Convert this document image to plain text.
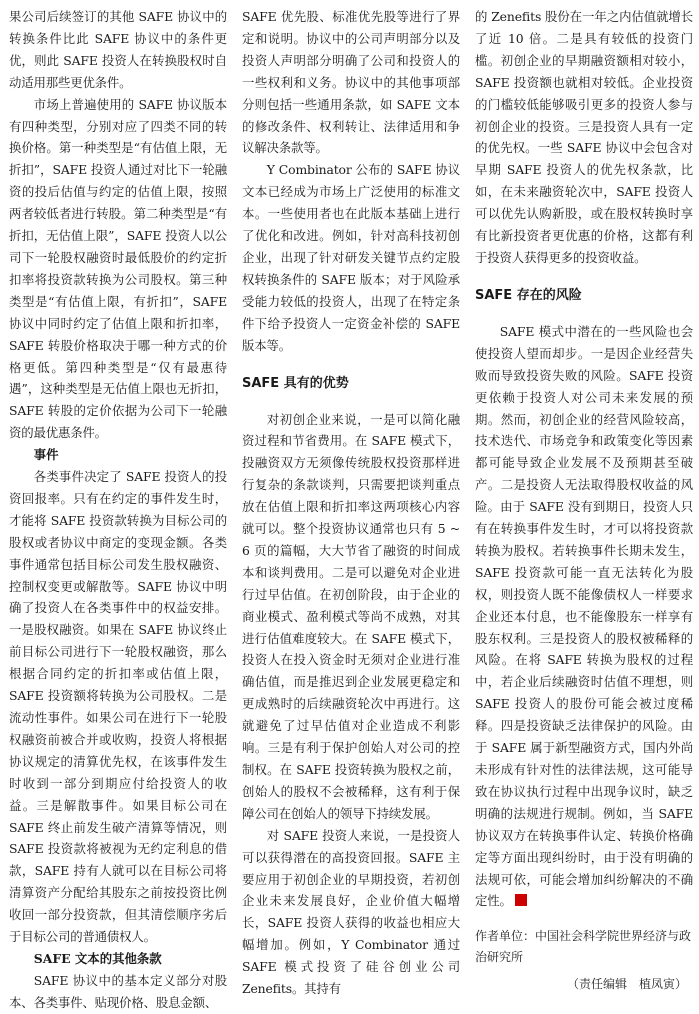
果公司后续签订的其他 SAFE 协议中的转换条件比此 SAFE 协议中的条件更优，则此 SAFE 投资人在转换股权时自动适用那些更优条件。

市场上普遍使用的 SAFE 协议版本有四种类型，分别对应了四类不同的转换价格。第一种类型是“有估值上限，无折扣”，SAFE 投资人通过对比下一轮融资的投后估值与约定的估值上限，按照两者较低者进行转股。第二种类型是“有折扣，无估值上限”，SAFE 投资人以公司下一轮股权融资时最低股价的约定折扣率将投资款转换为公司股权。第三种类型是“有估值上限，有折扣”，SAFE 协议中同时约定了估值上限和折扣率，SAFE 转股价格取决于哪一种方式的价格更低。第四种类型是“仅有最惠待遇”，这种类型是无估值上限也无折扣，SAFE 转股的定价依据为公司下一轮融资的最优惠条件。

事件

各类事件决定了 SAFE 投资人的投资回报率。只有在约定的事件发生时，才能将 SAFE 投资款转换为目标公司的股权或者协议中商定的变现金额。各类事件通常包括目标公司发生股权融资、控制权变更或解散等。SAFE 协议中明确了投资人在各类事件中的权益安排。一是股权融资。如果在 SAFE 协议终止前目标公司进行下一轮股权融资，那么根据合同约定的折扣率或估值上限，SAFE 投资额将转换为公司股权。二是流动性事件。如果公司在进行下一轮股权融资前被合并或收购，投资人将根据协议规定的清算优先权，在该事件发生时收到一部分到期应付给投资人的收益。三是解散事件。如果目标公司在 SAFE 终止前发生破产清算等情况，则 SAFE 投资款将被视为无约定利息的借款，SAFE 持有人就可以在目标公司将清算资产分配给其股东之前按投资比例收回一部分投资款，但其清偿顺序劣后于目标公司的普通债权人。

SAFE 文本的其他条款

SAFE 协议中的基本定义部分对股本、各类事件、贴现价格、股息金额、

SAFE 优先股、标准优先股等进行了界定和说明。协议中的公司声明部分以及投资人声明部分明确了公司和投资人的一些权利和义务。协议中的其他事项部分则包括一些通用条款，如 SAFE 文本的修改条件、权利转让、法律适用和争议解决条款等。

Y Combinator 公布的 SAFE 协议文本已经成为市场上广泛使用的标准文本。一些使用者也在此版本基础上进行了优化和改进。例如，针对高科技初创企业，出现了针对研发关键节点约定股权转换条件的 SAFE 版本；对于风险承受能力较低的投资人，出现了在特定条件下给予投资人一定资金补偿的 SAFE 版本等。

SAFE 具有的优势

对初创企业来说，一是可以简化融资过程和节省费用。在 SAFE 模式下，投融资双方无须像传统股权投资那样进行复杂的条款谈判，只需要把谈判重点放在估值上限和折扣率这两项核心内容就可以。整个投资协议通常也只有 5 ~ 6 页的篇幅，大大节省了融资的时间成本和谈判费用。二是可以避免对企业进行过早估值。在初创阶段，由于企业的商业模式、盈利模式等尚不成熟，对其进行估值难度较大。在 SAFE 模式下，投资人在投入资金时无须对企业进行准确估值，而是推迟到企业发展更稳定和更成熟时的后续融资轮次中再进行。这就避免了过早估值对企业造成不利影响。三是有利于保护创始人对公司的控制权。在 SAFE 投资转换为股权之前，创始人的股权不会被稀释，这有利于保障公司在创始人的领导下持续发展。

对 SAFE 投资人来说，一是投资人可以获得潜在的高投资回报。SAFE 主要应用于初创企业的早期投资，若初创企业未来发展良好，企业价值大幅增长，SAFE 投资人获得的收益也相应大幅增加。例如，Y Combinator 通过 SAFE 模式投资了硅谷创业公司 Zenefits。其持有

的 Zenefits 股份在一年之内估值就增长了近 10 倍。二是具有较低的投资门槛。初创企业的早期融资额相对较小，SAFE 投资额也就相对较低。企业投资的门槛较低能够吸引更多的投资人参与初创企业的投资。三是投资人具有一定的优先权。一些 SAFE 协议中会包含对早期 SAFE 投资人的优先权条款，比如，在未来融资轮次中，SAFE 投资人可以优先认购新股，或在股权转换时享有比新投资者更优惠的价格，这都有利于投资人获得更多的投资收益。

SAFE 存在的风险

SAFE 模式中潜在的一些风险也会使投资人望而却步。一是因企业经营失败而导致投资失败的风险。SAFE 投资更依赖于投资人对公司未来发展的预期。然而，初创企业的经营风险较高，技术迭代、市场竞争和政策变化等因素都可能导致企业发展不及预期甚至破产。二是投资人无法取得股权收益的风险。由于 SAFE 没有到期日，投资人只有在转换事件发生时，才可以将投资款转换为股权。若转换事件长期未发生，SAFE 投资款可能一直无法转化为股权，则投资人既不能像债权人一样要求企业还本付息，也不能像股东一样享有股东权利。三是投资人的股权被稀释的风险。在将 SAFE 转换为股权的过程中，若企业后续融资时估值不理想，则 SAFE 投资人的股份可能会被过度稀释。四是投资缺乏法律保护的风险。由于 SAFE 属于新型融资方式，国内外尚未形成有针对性的法律法规，这可能导致在协议执行过程中出现争议时，缺乏明确的法规进行规制。例如，当 SAFE 协议双方在转换事件认定、转换价格确定等方面出现纠纷时，由于没有明确的法规可依，可能会增加纠纷解决的不确定性。

作者单位：中国社会科学院世界经济与政治研究所

（责任编辑　植凤寅）
